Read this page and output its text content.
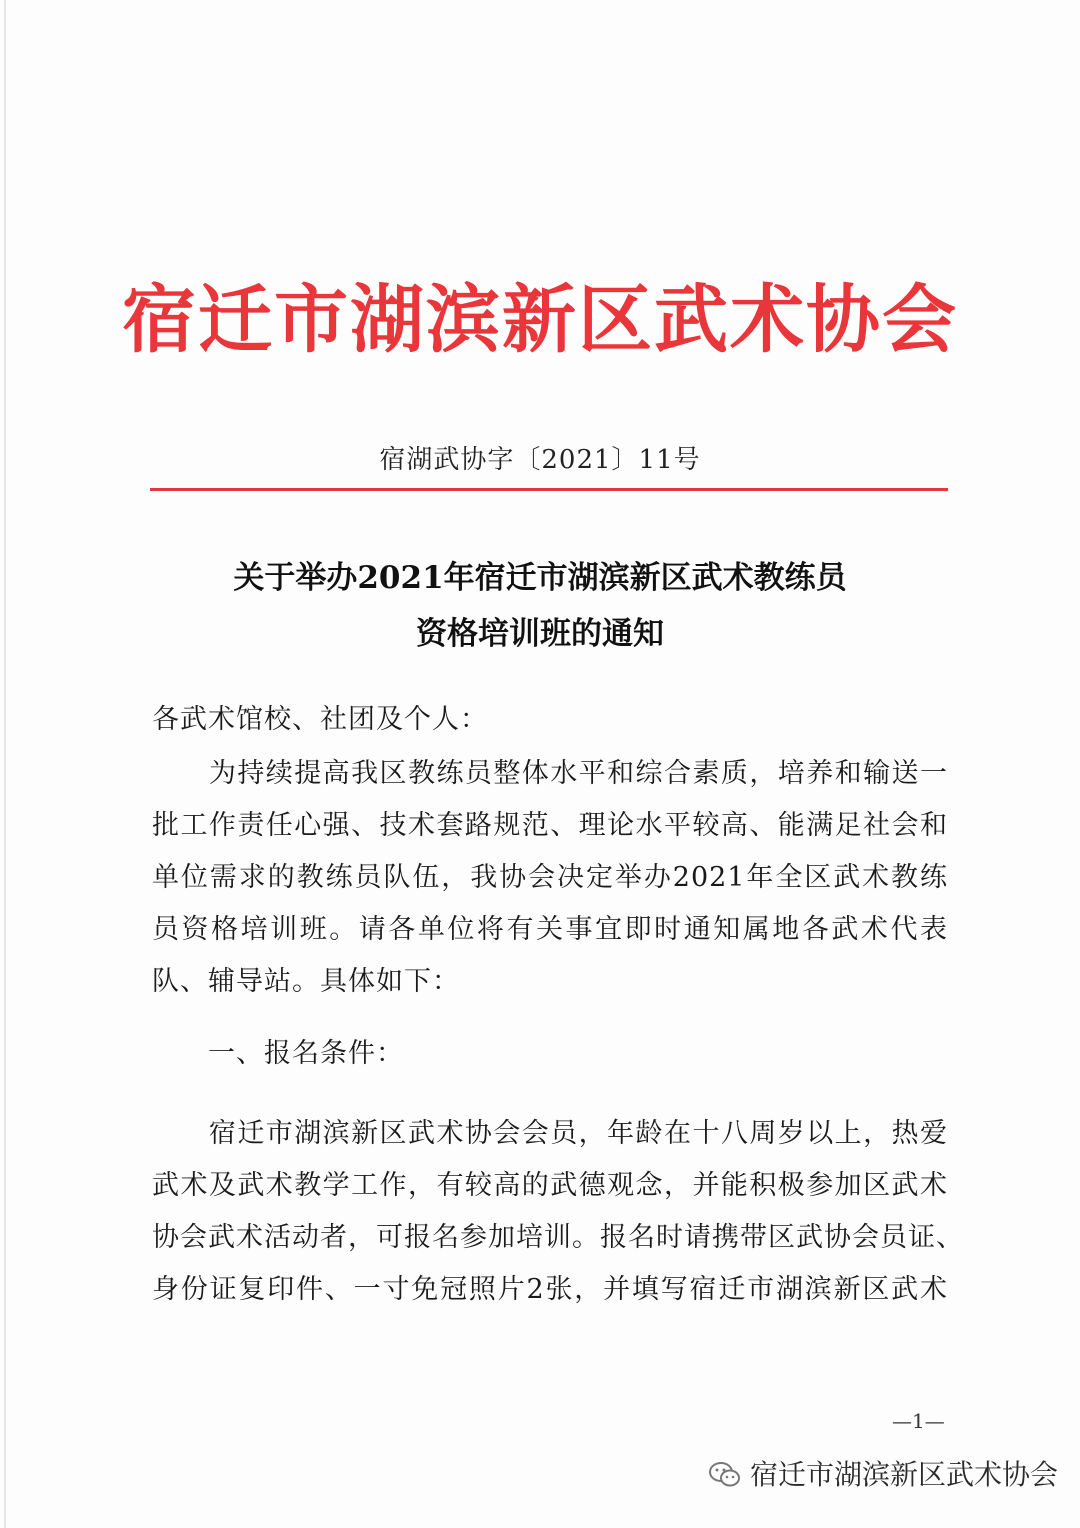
宿迁市湖滨新区武术协会
宿湖武协字〔2021〕11号
关于举办2021年宿迁市湖滨新区武术教练员
资格培训班的通知
各武术馆校、社团及个人：
　　为持续提高我区教练员整体水平和综合素质，培养和输送一
批工作责任心强、技术套路规范、理论水平较高、能满足社会和
单位需求的教练员队伍，我协会决定举办2021年全区武术教练
员资格培训班。请各单位将有关事宜即时通知属地各武术代表
队、辅导站。具体如下：
一、报名条件：
　　宿迁市湖滨新区武术协会会员，年龄在十八周岁以上，热爱
武术及武术教学工作，有较高的武德观念，并能积极参加区武术
协会武术活动者，可报名参加培训。报名时请携带区武协会员证、
身份证复印件、一寸免冠照片2张，并填写宿迁市湖滨新区武术
—1—
宿迁市湖滨新区武术协会
